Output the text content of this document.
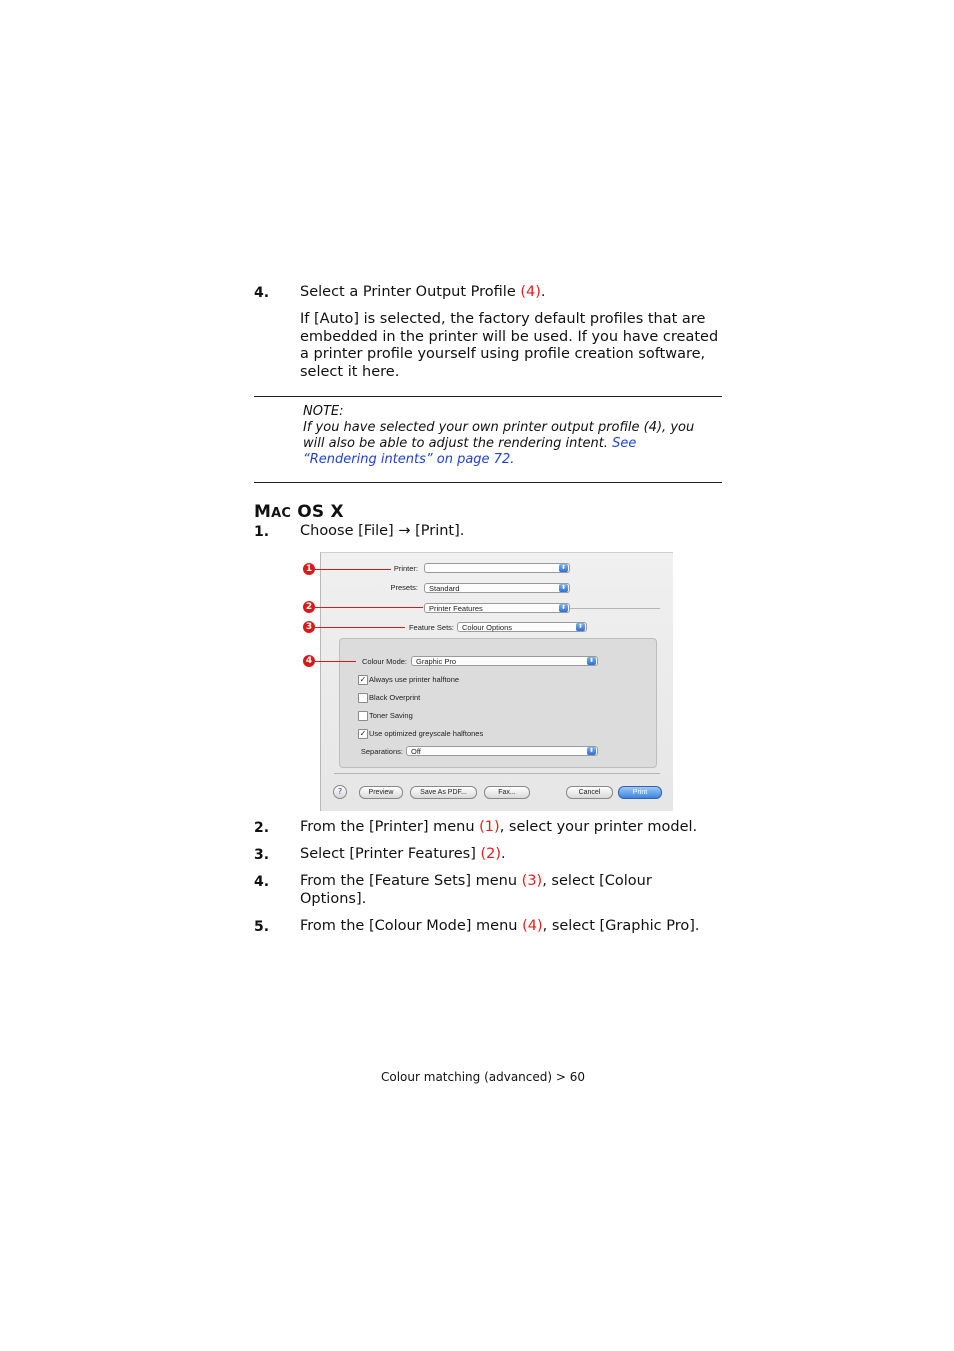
4. Select a Printer Output Profile (4).
If [Auto] is selected, the factory default profiles that are
embedded in the printer will be used. If you have created
a printer profile yourself using profile creation software,
select it here.
NOTE:
If you have selected your own printer output profile (4), you
will also be able to adjust the rendering intent. See
“Rendering intents” on page 72.
MAC OS X
1. Choose [File] → [Print].
Printer:	⬍
Presets:	Standard	⬍
Printer Features	⬍
Feature Sets:	Colour Options	⬍
Colour Mode:	Graphic Pro	⬍
✓ Always use printer halftone
Black Overprint
Toner Saving
✓ Use optimized greyscale halftones
Separations:	Off	⬍
?	Preview	Save As PDF...	Fax...	Cancel	Print
1
2
3
4
2. From the [Printer] menu (1), select your printer model.
3. Select [Printer Features] (2).
4. From the [Feature Sets] menu (3), select [Colour
Options].
5. From the [Colour Mode] menu (4), select [Graphic Pro].
Colour matching (advanced) > 60
